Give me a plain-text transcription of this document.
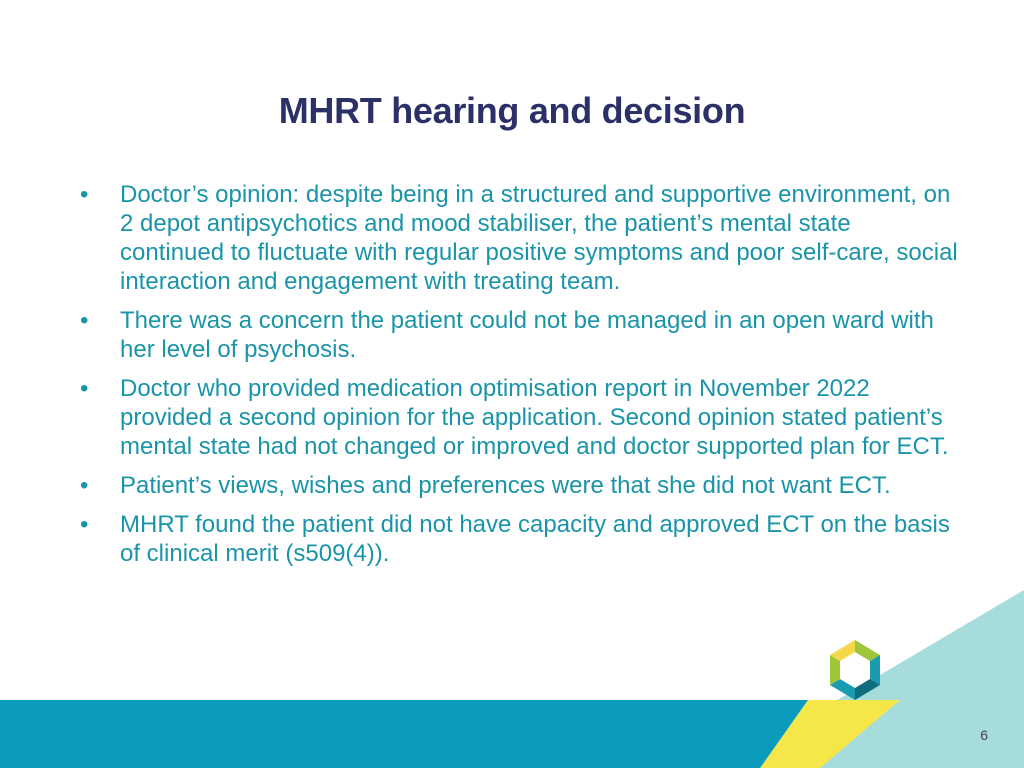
MHRT hearing and decision
•	Doctor’s opinion: despite being in a structured and supportive environment, on 2 depot antipsychotics and mood stabiliser, the patient’s mental state continued to fluctuate with regular positive symptoms and poor self-care, social interaction and engagement with treating team.
•	There was a concern the patient could not be managed in an open ward with her level of psychosis.
•	Doctor who provided medication optimisation report in November 2022 provided a second opinion for the application. Second opinion stated patient’s mental state had not changed or improved and doctor supported plan for ECT.
•	Patient’s views, wishes and preferences were that she did not want ECT.
•	MHRT found the patient did not have capacity and approved ECT on the basis of clinical merit (s509(4)).
6
